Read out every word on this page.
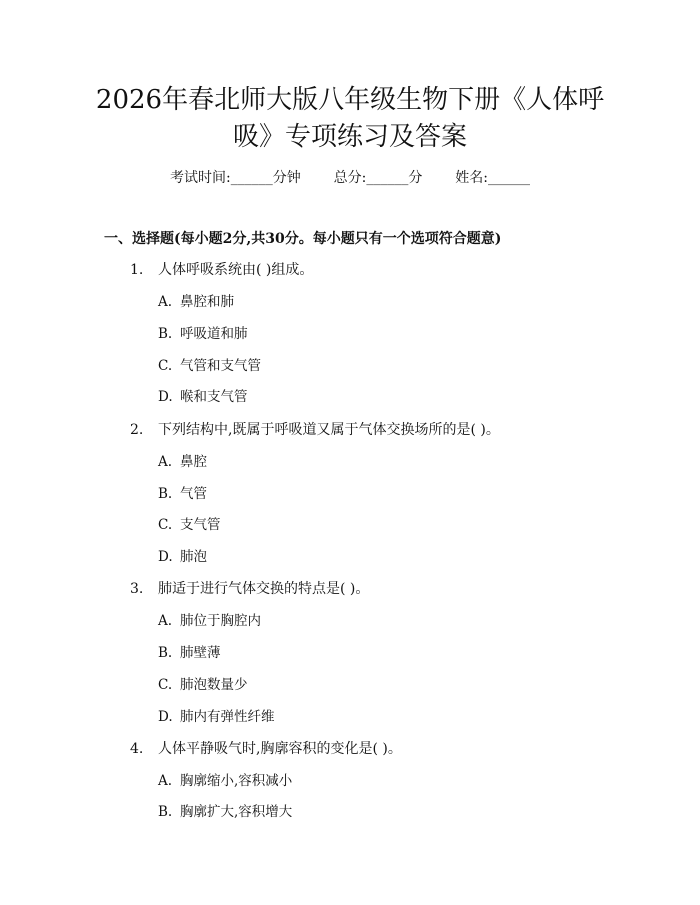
2026年春北师大版八年级生物下册《人体呼
吸》专项练习及答案
考试时间:______分钟 总分:______分 姓名:______
一、选择题(每小题2分,共30分。每小题只有一个选项符合题意)
1. 人体呼吸系统由( )组成。
A. 鼻腔和肺
B. 呼吸道和肺
C. 气管和支气管
D. 喉和支气管
2. 下列结构中,既属于呼吸道又属于气体交换场所的是( )。
A. 鼻腔
B. 气管
C. 支气管
D. 肺泡
3. 肺适于进行气体交换的特点是( )。
A. 肺位于胸腔内
B. 肺壁薄
C. 肺泡数量少
D. 肺内有弹性纤维
4. 人体平静吸气时,胸廓容积的变化是( )。
A. 胸廓缩小,容积减小
B. 胸廓扩大,容积增大
